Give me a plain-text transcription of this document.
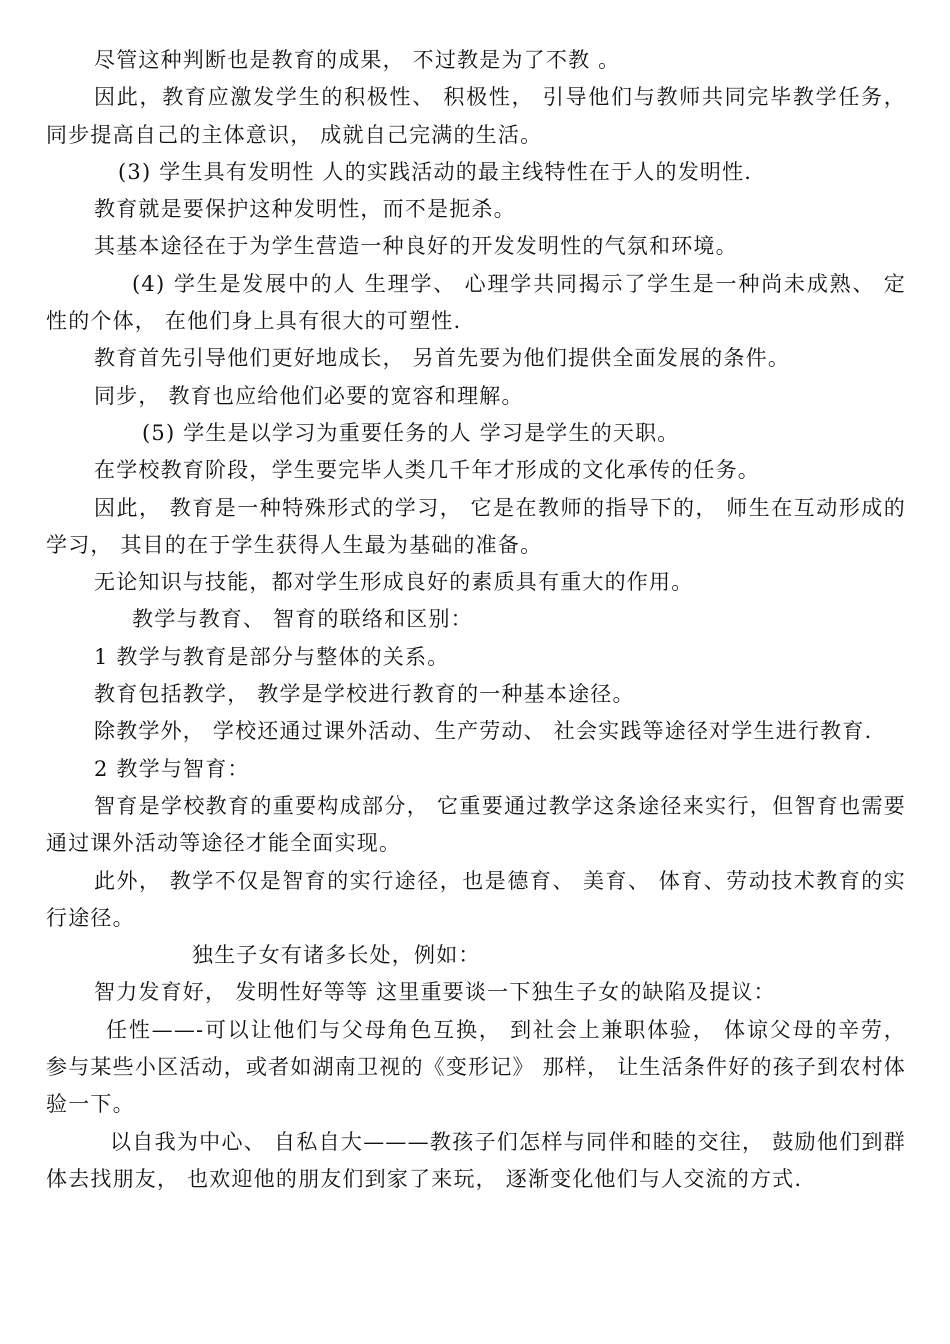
尽管这种判断也是教育的成果， 不过教是为了不教 。

因此，教育应激发学生的积极性、 积极性， 引导他们与教师共同完毕教学任务， 同步提高自己的主体意识， 成就自己完满的生活。

(3) 学生具有发明性 人的实践活动的最主线特性在于人的发明性.

教育就是要保护这种发明性，而不是扼杀。

其基本途径在于为学生营造一种良好的开发发明性的气氛和环境。

(4) 学生是发展中的人 生理学、 心理学共同揭示了学生是一种尚未成熟、 定性的个体， 在他们身上具有很大的可塑性.

教育首先引导他们更好地成长， 另首先要为他们提供全面发展的条件。

同步， 教育也应给他们必要的宽容和理解。

(5) 学生是以学习为重要任务的人 学习是学生的天职。

在学校教育阶段，学生要完毕人类几千年才形成的文化承传的任务。

因此， 教育是一种特殊形式的学习， 它是在教师的指导下的， 师生在互动形成的学习， 其目的在于学生获得人生最为基础的准备。

无论知识与技能，都对学生形成良好的素质具有重大的作用。

教学与教育、 智育的联络和区别：

1 教学与教育是部分与整体的关系。

教育包括教学， 教学是学校进行教育的一种基本途径。

除教学外， 学校还通过课外活动、生产劳动、 社会实践等途径对学生进行教育.

2 教学与智育：

智育是学校教育的重要构成部分， 它重要通过教学这条途径来实行，但智育也需要通过课外活动等途径才能全面实现。

此外， 教学不仅是智育的实行途径，也是德育、 美育、 体育、劳动技术教育的实行途径。

独生子女有诸多长处，例如：

智力发育好， 发明性好等等 这里重要谈一下独生子女的缺陷及提议：

任性——-可以让他们与父母角色互换， 到社会上兼职体验， 体谅父母的辛劳， 参与某些小区活动，或者如湖南卫视的《变形记》 那样， 让生活条件好的孩子到农村体验一下。

以自我为中心、 自私自大———教孩子们怎样与同伴和睦的交往， 鼓励他们到群体去找朋友， 也欢迎他的朋友们到家了来玩， 逐渐变化他们与人交流的方式.
